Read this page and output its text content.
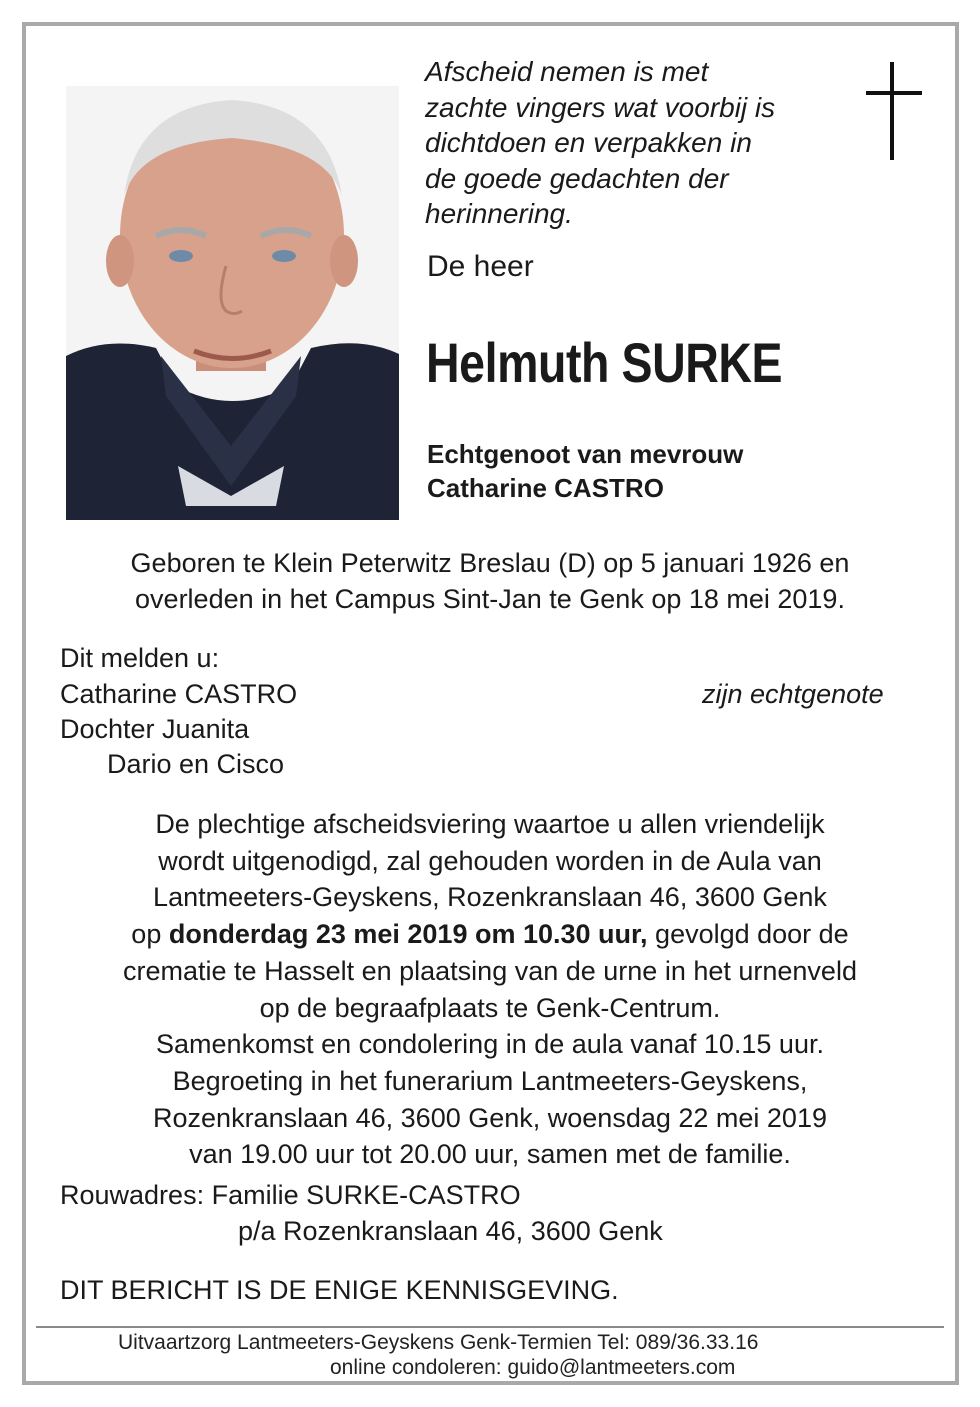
Afscheid nemen is met
zachte vingers wat voorbij is
dichtdoen en verpakken in
de goede gedachten der
herinnering.
De heer
Helmuth SURKE
Echtgenoot van mevrouw
Catharine CASTRO
Geboren te Klein Peterwitz Breslau (D) op 5 januari 1926 en
overleden in het Campus Sint-Jan te Genk op 18 mei 2019.
Dit melden u:
Catharine CASTRO	zijn echtgenote
Dochter Juanita
Dario en Cisco
De plechtige afscheidsviering waartoe u allen vriendelijk
wordt uitgenodigd, zal gehouden worden in de Aula van
Lantmeeters-Geyskens, Rozenkranslaan 46, 3600 Genk
op donderdag 23 mei 2019 om 10.30 uur, gevolgd door de
crematie te Hasselt en plaatsing van de urne in het urnenveld
op de begraafplaats te Genk-Centrum.
Samenkomst en condolering in de aula vanaf 10.15 uur.
Begroeting in het funerarium Lantmeeters-Geyskens,
Rozenkranslaan 46, 3600 Genk, woensdag 22 mei 2019
van 19.00 uur tot 20.00 uur, samen met de familie.
Rouwadres: Familie SURKE-CASTRO
p/a Rozenkranslaan 46, 3600 Genk
DIT BERICHT IS DE ENIGE KENNISGEVING.
Uitvaartzorg Lantmeeters-Geyskens Genk-Termien Tel: 089/36.33.16
online condoleren: guido@lantmeeters.com
